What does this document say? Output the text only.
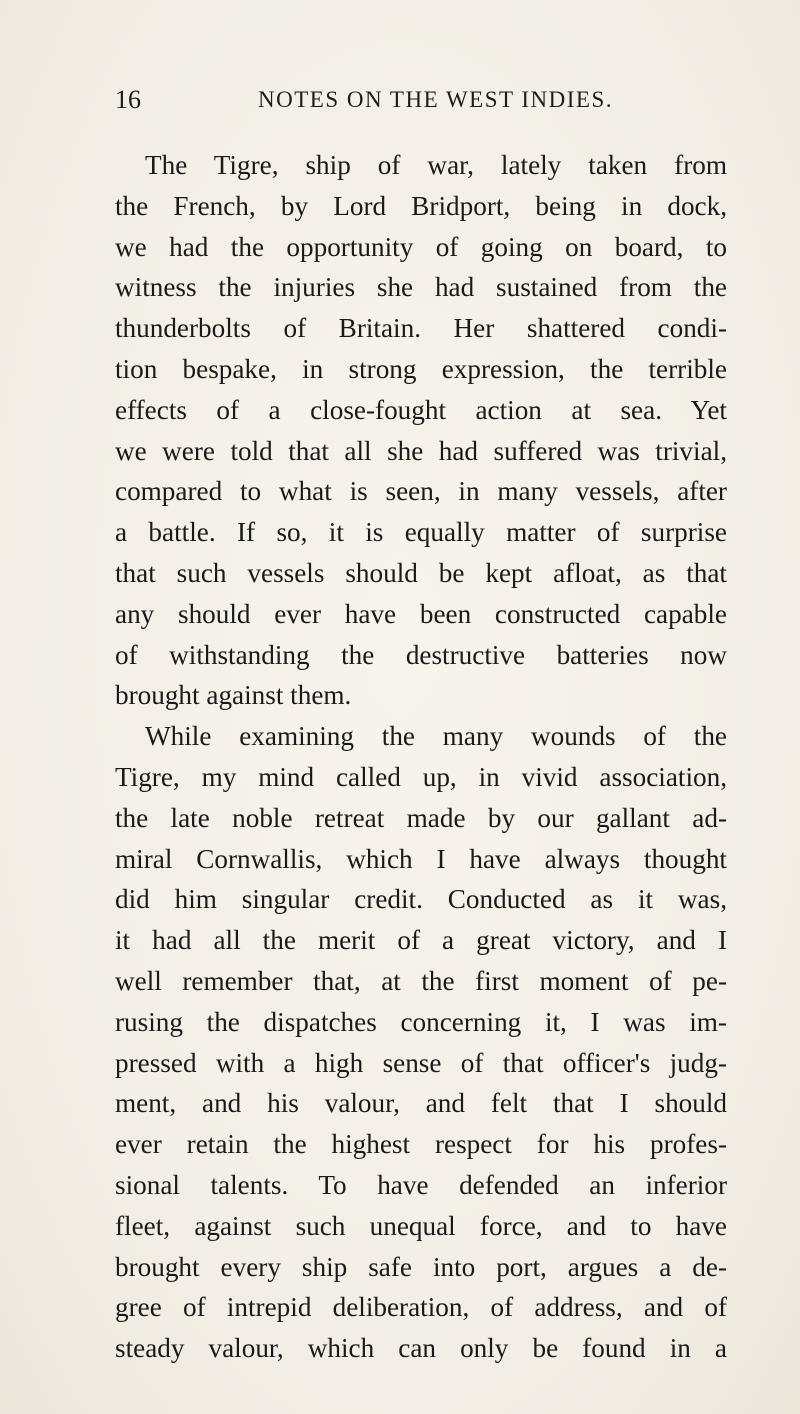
16	NOTES ON THE WEST INDIES.
The Tigre, ship of war, lately taken from
the French, by Lord Bridport, being in dock,
we had the opportunity of going on board, to
witness the injuries she had sustained from the
thunderbolts of Britain. Her shattered condi-
tion bespake, in strong expression, the terrible
effects of a close-fought action at sea. Yet
we were told that all she had suffered was trivial,
compared to what is seen, in many vessels, after
a battle. If so, it is equally matter of surprise
that such vessels should be kept afloat, as that
any should ever have been constructed capable
of withstanding the destructive batteries now
brought against them.
While examining the many wounds of the
Tigre, my mind called up, in vivid association,
the late noble retreat made by our gallant ad-
miral Cornwallis, which I have always thought
did him singular credit. Conducted as it was,
it had all the merit of a great victory, and I
well remember that, at the first moment of pe-
rusing the dispatches concerning it, I was im-
pressed with a high sense of that officer's judg-
ment, and his valour, and felt that I should
ever retain the highest respect for his profes-
sional talents. To have defended an inferior
fleet, against such unequal force, and to have
brought every ship safe into port, argues a de-
gree of intrepid deliberation, of address, and of
steady valour, which can only be found in a
